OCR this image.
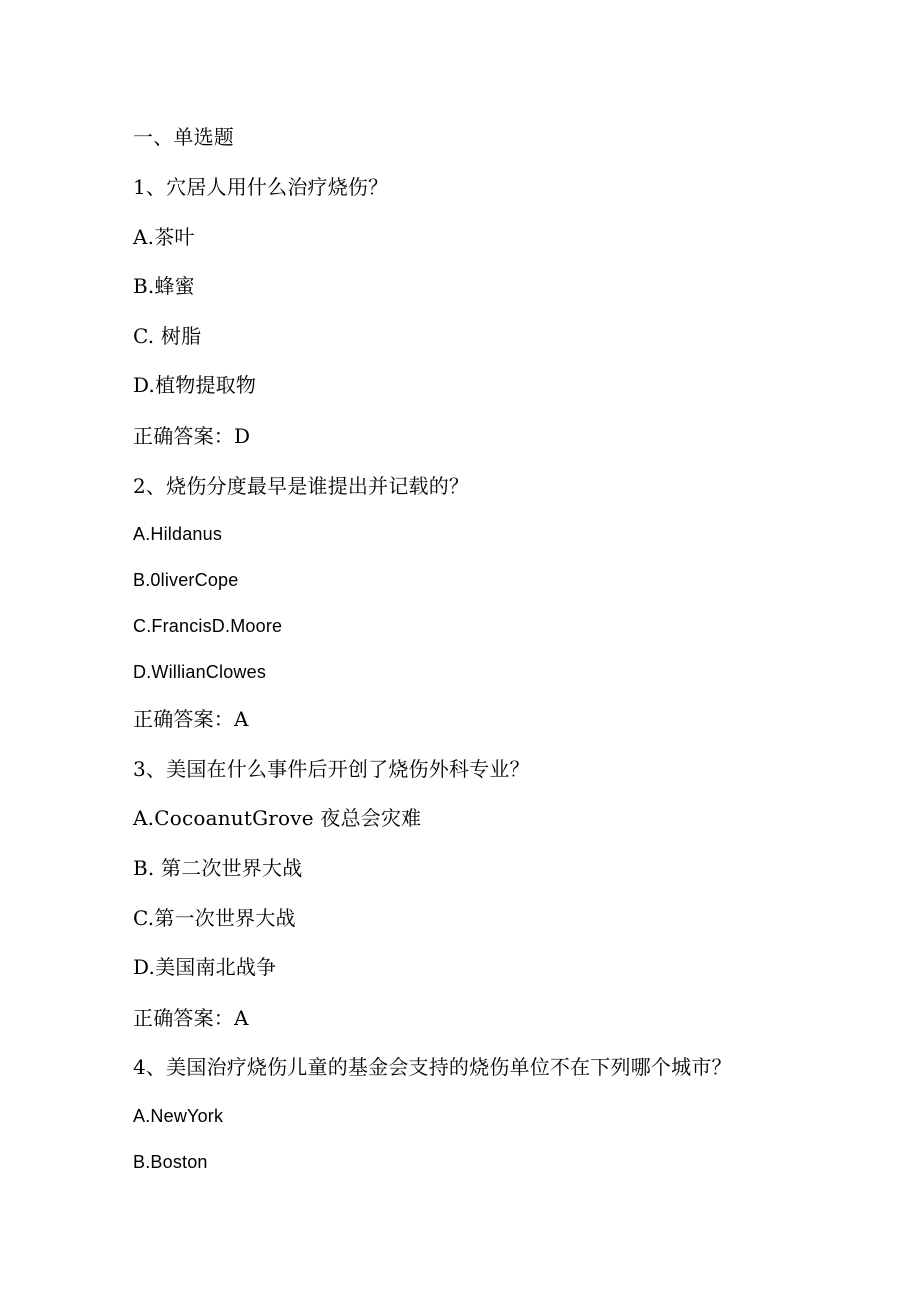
一、单选题
1、穴居人用什么治疗烧伤？
A.茶叶
B.蜂蜜
C. 树脂
D.植物提取物
正确答案：D
2、烧伤分度最早是谁提出并记载的？
A.Hildanus
B.0liverCope
C.FrancisD.Moore
D.WillianClowes
正确答案：A
3、美国在什么事件后开创了烧伤外科专业？
A.CocoanutGrove 夜总会灾难
B. 第二次世界大战
C.第一次世界大战
D.美国南北战争
正确答案：A
4、美国治疗烧伤儿童的基金会支持的烧伤单位不在下列哪个城市？
A.NewYork
B.Boston
